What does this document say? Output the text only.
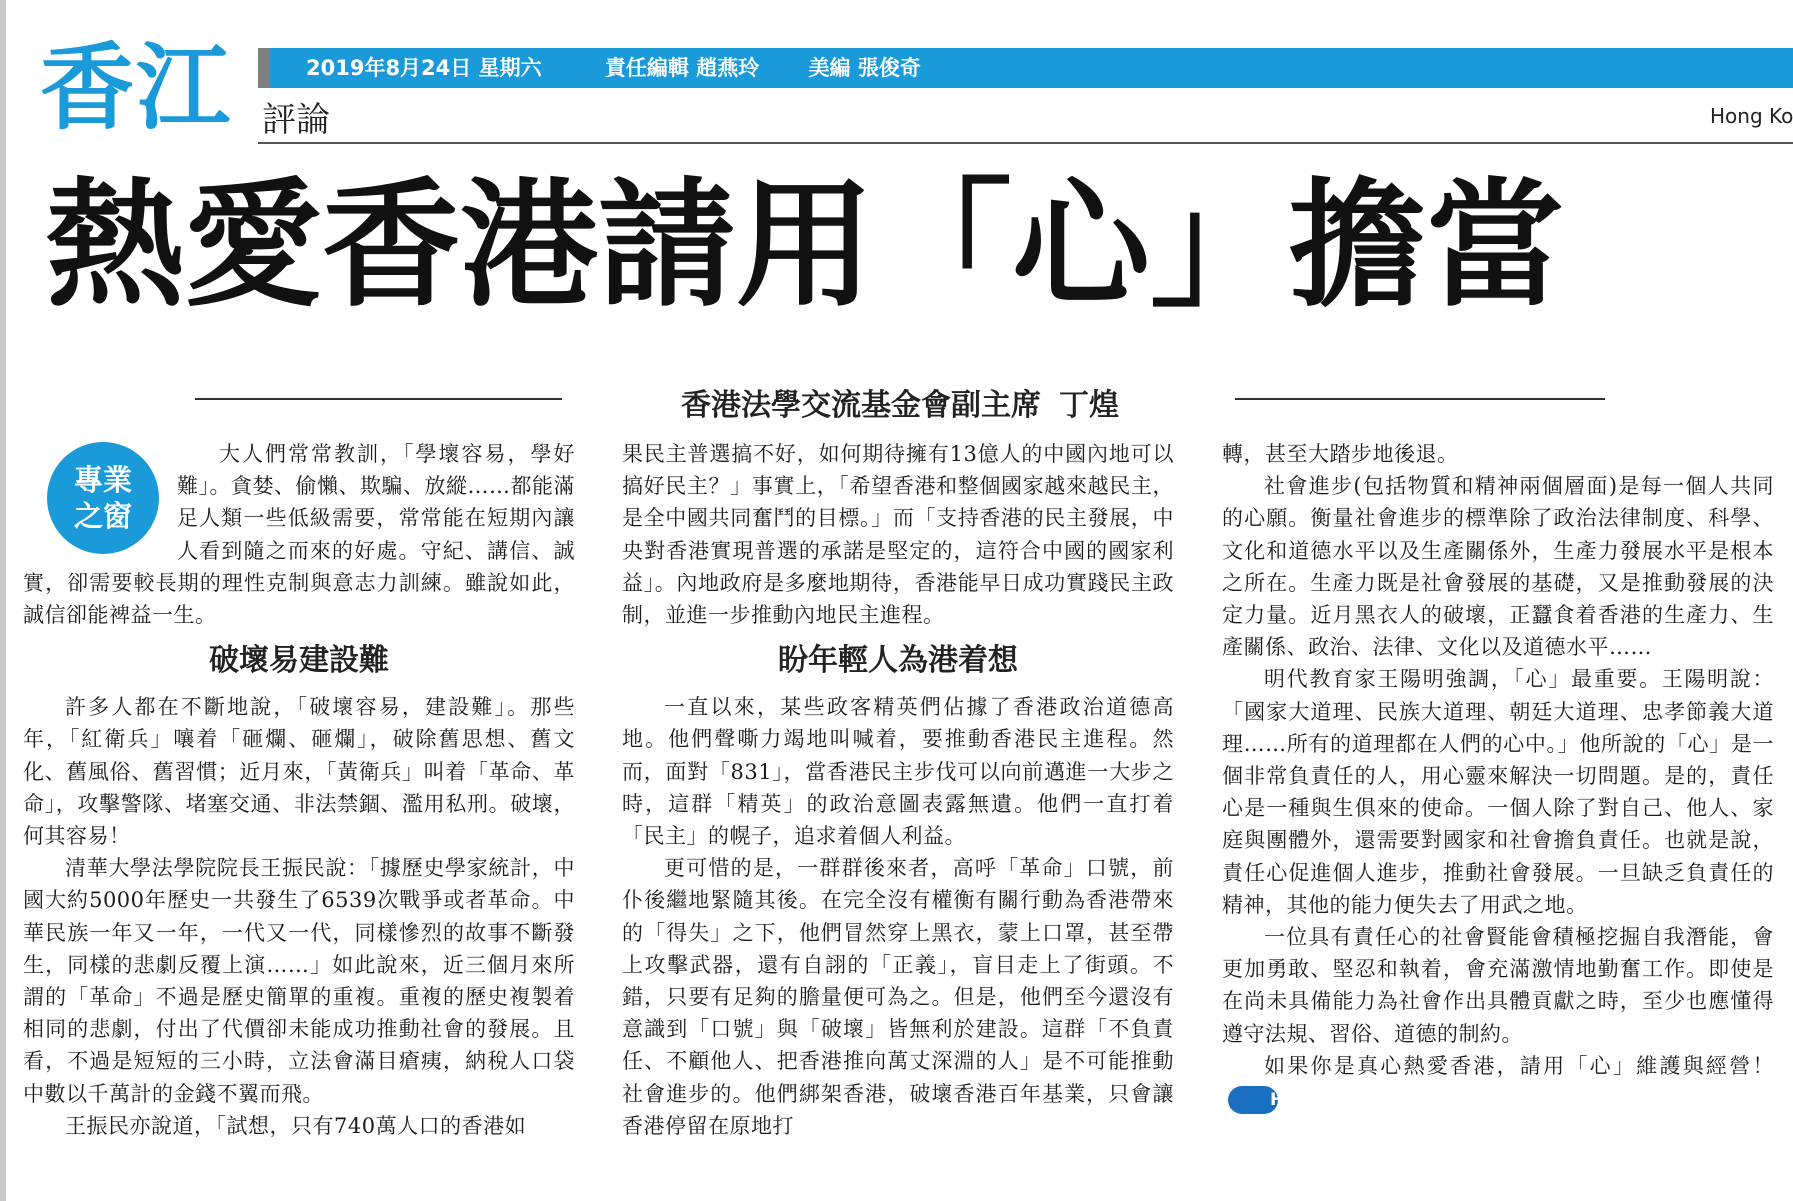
香江	2019年8月24日 星期六	責任編輯 趙燕玲 美編 張俊奇
評論	Hong Ko
熱愛香港請用「心」擔當
香港法學交流基金會副主席 丁煌
專業
之窗

大人們常常教訓，「學壞容易，學好難」。貪婪、偷懶、欺騙、放縱……都能滿足人類一些低級需要，常常能在短期內讓人看到隨之而來的好處。守紀、講信、誠實，卻需要較長期的理性克制與意志力訓練。雖說如此，誠信卻能裨益一生。

破壞易建設難

許多人都在不斷地說，「破壞容易，建設難」。那些年，「紅衛兵」嚷着「砸爛、砸爛」，破除舊思想、舊文化、舊風俗、舊習慣；近月來，「黃衛兵」叫着「革命、革命」，攻擊警隊、堵塞交通、非法禁錮、濫用私刑。破壞，何其容易！

清華大學法學院院長王振民說：「據歷史學家統計，中國大約5000年歷史一共發生了6539次戰爭或者革命。中華民族一年又一年，一代又一代，同樣慘烈的故事不斷發生，同樣的悲劇反覆上演……」如此說來，近三個月來所謂的「革命」不過是歷史簡單的重複。重複的歷史複製着相同的悲劇，付出了代價卻未能成功推動社會的發展。且看，不過是短短的三小時，立法會滿目瘡痍，納稅人口袋中數以千萬計的金錢不翼而飛。

王振民亦說道，「試想，只有740萬人口的香港如

果民主普選搞不好，如何期待擁有13億人的中國內地可以搞好民主？」事實上，「希望香港和整個國家越來越民主，是全中國共同奮鬥的目標。」而「支持香港的民主發展，中央對香港實現普選的承諾是堅定的，這符合中國的國家利益」。內地政府是多麼地期待，香港能早日成功實踐民主政制，並進一步推動內地民主進程。

盼年輕人為港着想

一直以來，某些政客精英們佔據了香港政治道德高地。他們聲嘶力竭地叫喊着，要推動香港民主進程。然而，面對「831」，當香港民主步伐可以向前邁進一大步之時，這群「精英」的政治意圖表露無遺。他們一直打着「民主」的幌子，追求着個人利益。

更可惜的是，一群群後來者，高呼「革命」口號，前仆後繼地緊隨其後。在完全沒有權衡有關行動為香港帶來的「得失」之下，他們冒然穿上黑衣，蒙上口罩，甚至帶上攻擊武器，還有自詡的「正義」，盲目走上了街頭。不錯，只要有足夠的膽量便可為之。但是，他們至今還沒有意識到「口號」與「破壞」皆無利於建設。這群「不負責任、不顧他人、把香港推向萬丈深淵的人」是不可能推動社會進步的。他們綁架香港，破壞香港百年基業，只會讓香港停留在原地打

轉，甚至大踏步地後退。

社會進步(包括物質和精神兩個層面)是每一個人共同的心願。衡量社會進步的標準除了政治法律制度、科學、文化和道德水平以及生產關係外，生產力發展水平是根本之所在。生產力既是社會發展的基礎，又是推動發展的決定力量。近月黑衣人的破壞，正蠶食着香港的生產力、生產關係、政治、法律、文化以及道德水平……

明代教育家王陽明強調，「心」最重要。王陽明說：「國家大道理、民族大道理、朝廷大道理、忠孝節義大道理……所有的道理都在人們的心中。」他所說的「心」是一個非常負責任的人，用心靈來解決一切問題。是的，責任心是一種與生俱來的使命。一個人除了對自己、他人、家庭與團體外，還需要對國家和社會擔負責任。也就是說，責任心促進個人進步，推動社會發展。一旦缺乏負責任的精神，其他的能力便失去了用武之地。

一位具有責任心的社會賢能會積極挖掘自我潛能，會更加勇敢、堅忍和執着，會充滿激情地勤奮工作。即使是在尚未具備能力為社會作出具體貢獻之時，至少也應懂得遵守法規、習俗、道德的制約。

如果你是真心熱愛香港，請用「心」維護與經營！HH
